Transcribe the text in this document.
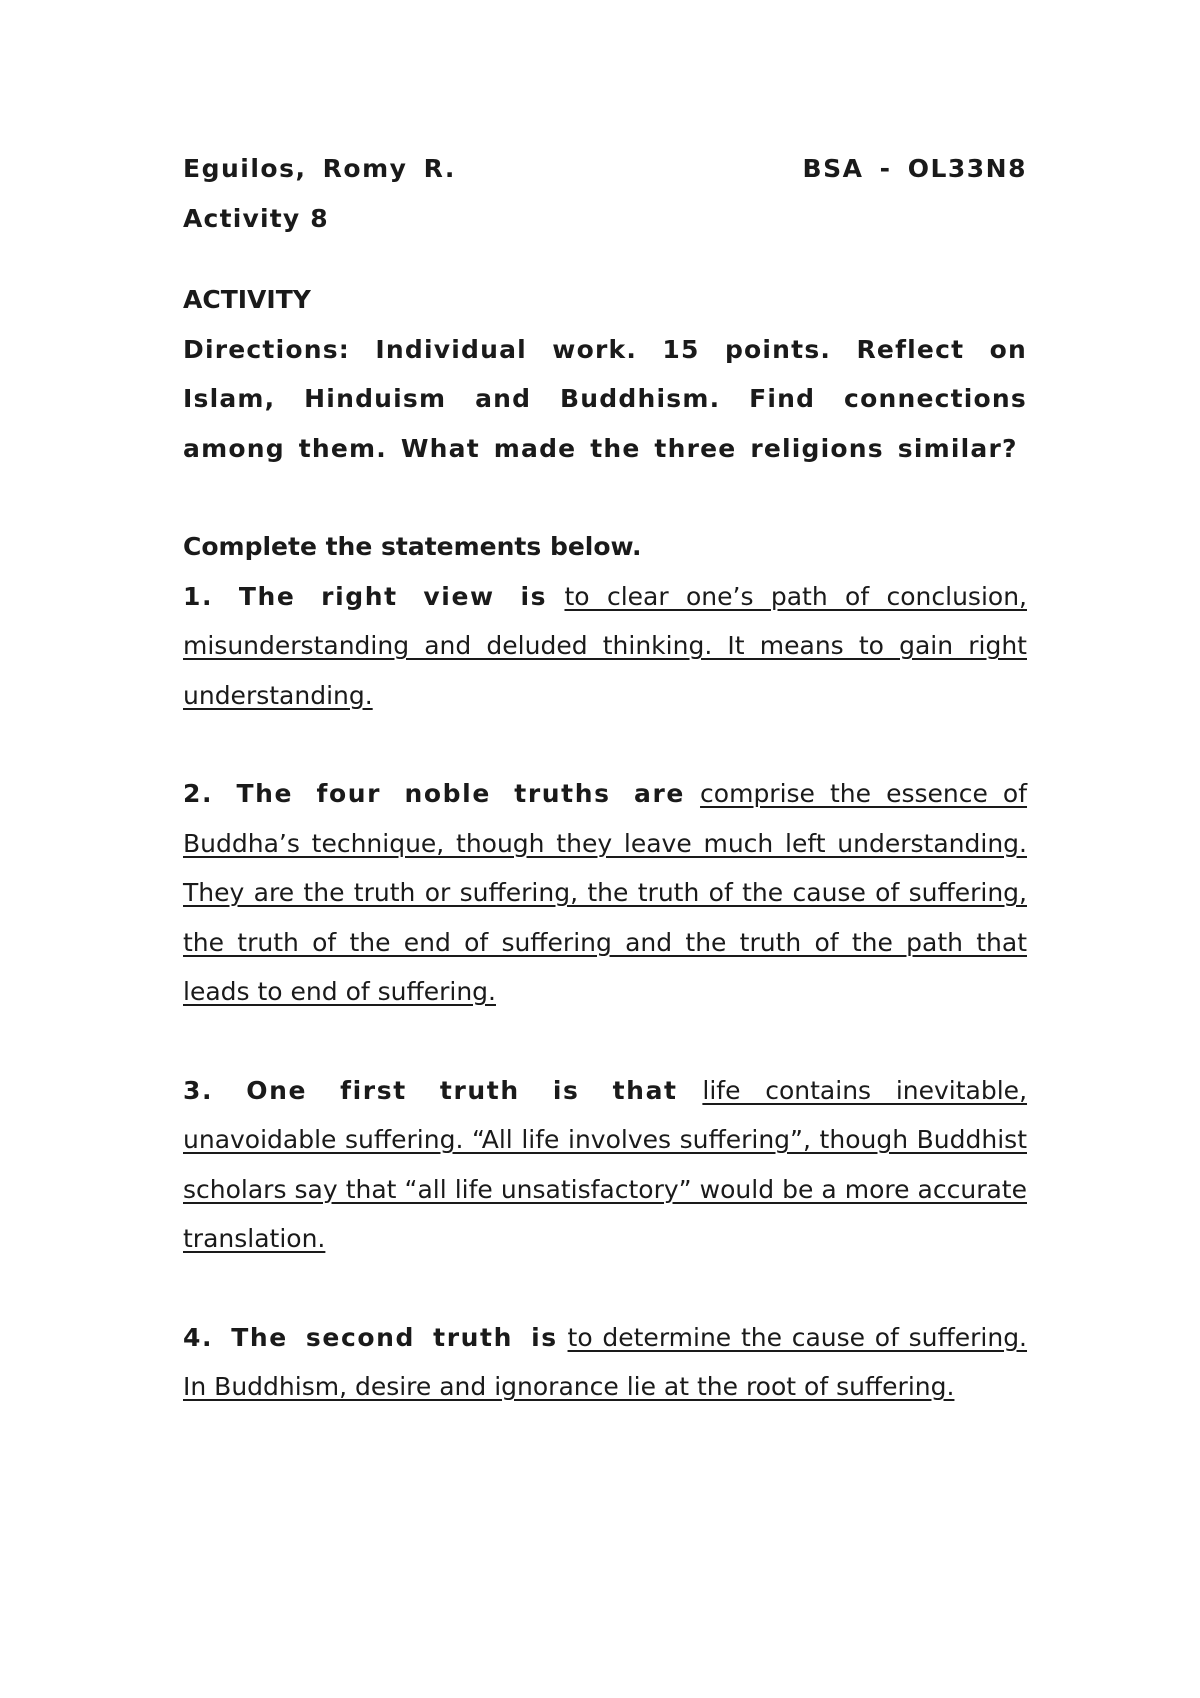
Eguilos, Romy R.	BSA - OL33N8
Activity 8
ACTIVITY

Directions: Individual work. 15 points. Reflect on Islam, Hinduism and Buddhism. Find connections among them. What made the three religions similar?

Complete the statements below.

1. The right view is to clear one’s path of conclusion, misunderstanding and deluded thinking. It means to gain right understanding.

2. The four noble truths are comprise the essence of Buddha’s technique, though they leave much left understanding. They are the truth or suffering, the truth of the cause of suffering, the truth of the end of suffering and the truth of the path that leads to end of suffering.

3. One first truth is that life contains inevitable, unavoidable suffering. “All life involves suffering”, though Buddhist scholars say that “all life unsatisfactory” would be a more accurate translation.

4. The second truth is to determine the cause of suffering. In Buddhism, desire and ignorance lie at the root of suffering.
